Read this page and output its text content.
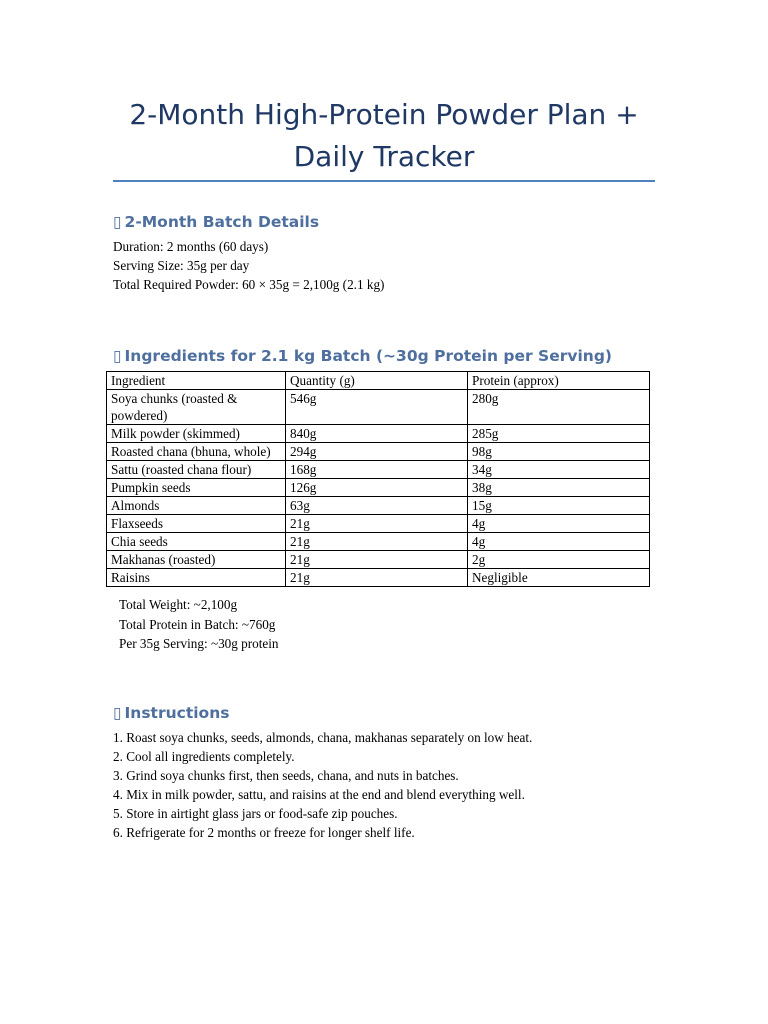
2-Month High-Protein Powder Plan +
Daily Tracker
▯ 2-Month Batch Details
Duration: 2 months (60 days)
Serving Size: 35g per day
Total Required Powder: 60 × 35g = 2,100g (2.1 kg)
▯ Ingredients for 2.1 kg Batch (~30g Protein per Serving)
▯ Instructions
1. Roast soya chunks, seeds, almonds, chana, makhanas separately on low heat.
2. Cool all ingredients completely.
3. Grind soya chunks first, then seeds, chana, and nuts in batches.
4. Mix in milk powder, sattu, and raisins at the end and blend everything well.
5. Store in airtight glass jars or food-safe zip pouches.
6. Refrigerate for 2 months or freeze for longer shelf life.
Ingredient	Quantity (g)	Protein (approx)
Soya chunks (roasted & powdered)	546g	280g
Milk powder (skimmed)	840g	285g
Roasted chana (bhuna, whole)	294g	98g
Sattu (roasted chana flour)	168g	34g
Pumpkin seeds	126g	38g
Almonds	63g	15g
Flaxseeds	21g	4g
Chia seeds	21g	4g
Makhanas (roasted)	21g	2g
Raisins	21g	Negligible
Total Weight: ~2,100g
Total Protein in Batch: ~760g
Per 35g Serving: ~30g protein
